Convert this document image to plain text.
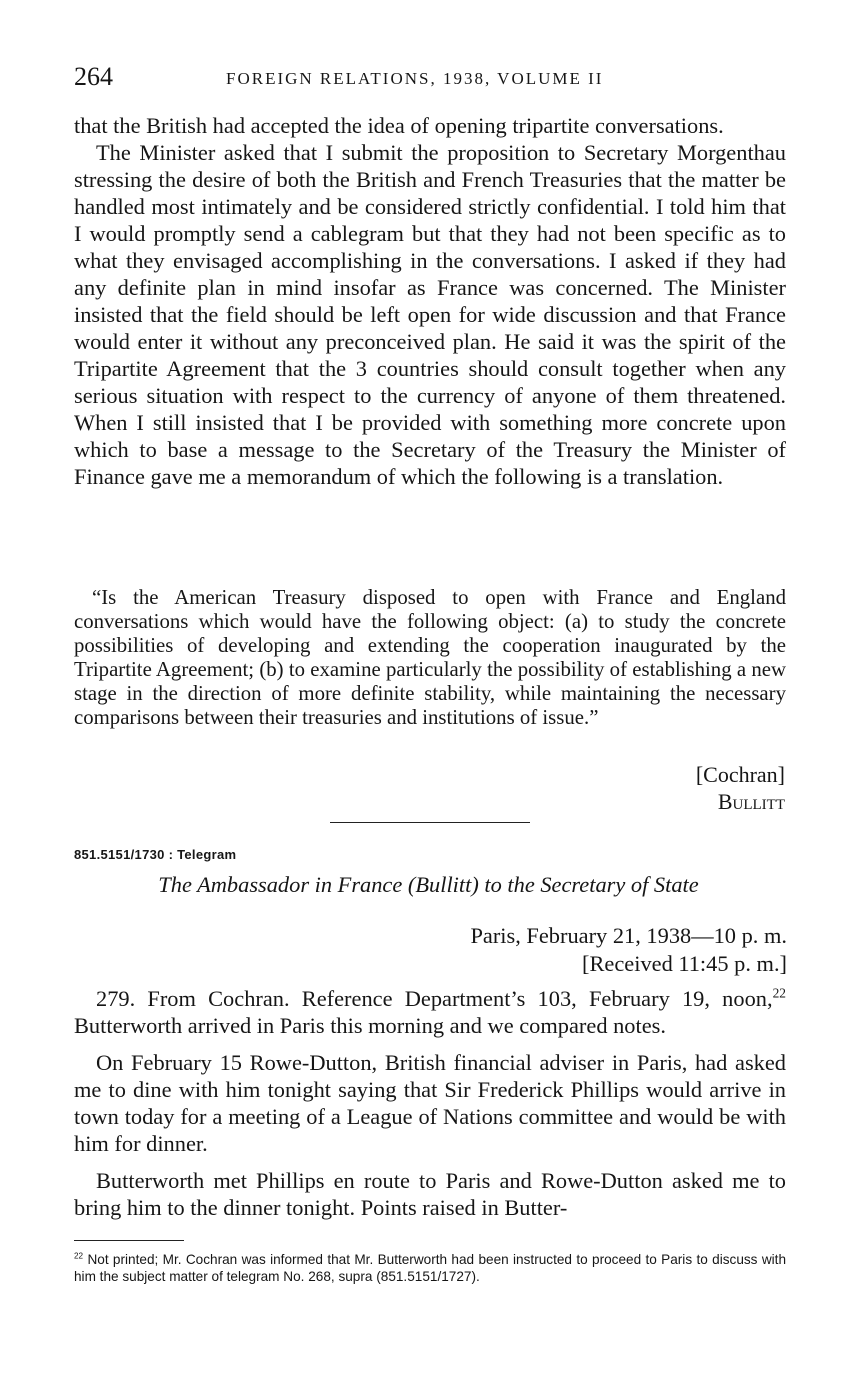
264	FOREIGN RELATIONS, 1938, VOLUME II

that the British had accepted the idea of opening tripartite conversations.

The Minister asked that I submit the proposition to Secretary Morgenthau stressing the desire of both the British and French Treasuries that the matter be handled most intimately and be considered strictly confidential. I told him that I would promptly send a cablegram but that they had not been specific as to what they envisaged accomplishing in the conversations. I asked if they had any definite plan in mind insofar as France was concerned. The Minister insisted that the field should be left open for wide discussion and that France would enter it without any preconceived plan. He said it was the spirit of the Tripartite Agreement that the 3 countries should consult together when any serious situation with respect to the currency of anyone of them threatened. When I still insisted that I be provided with something more concrete upon which to base a message to the Secretary of the Treasury the Minister of Finance gave me a memorandum of which the following is a translation.

“Is the American Treasury disposed to open with France and England conversations which would have the following object: (a) to study the concrete possibilities of developing and extending the cooperation inaugurated by the Tripartite Agreement; (b) to examine particularly the possibility of establishing a new stage in the direction of more definite stability, while maintaining the necessary comparisons between their treasuries and institutions of issue.”

[Cochran]
Bullitt
851.5151/1730 : Telegram
The Ambassador in France (Bullitt) to the Secretary of State
Paris, February 21, 1938—10 p. m.
[Received 11:45 p. m.]

279. From Cochran. Reference Department’s 103, February 19, noon,$^{22}$ Butterworth arrived in Paris this morning and we compared notes.

On February 15 Rowe-Dutton, British financial adviser in Paris, had asked me to dine with him tonight saying that Sir Frederick Phillips would arrive in town today for a meeting of a League of Nations committee and would be with him for dinner.

Butterworth met Phillips en route to Paris and Rowe-Dutton asked me to bring him to the dinner tonight. Points raised in Butter-

$^{22}$ Not printed; Mr. Cochran was informed that Mr. Butterworth had been instructed to proceed to Paris to discuss with him the subject matter of telegram No. 268, supra (851.5151/1727).
